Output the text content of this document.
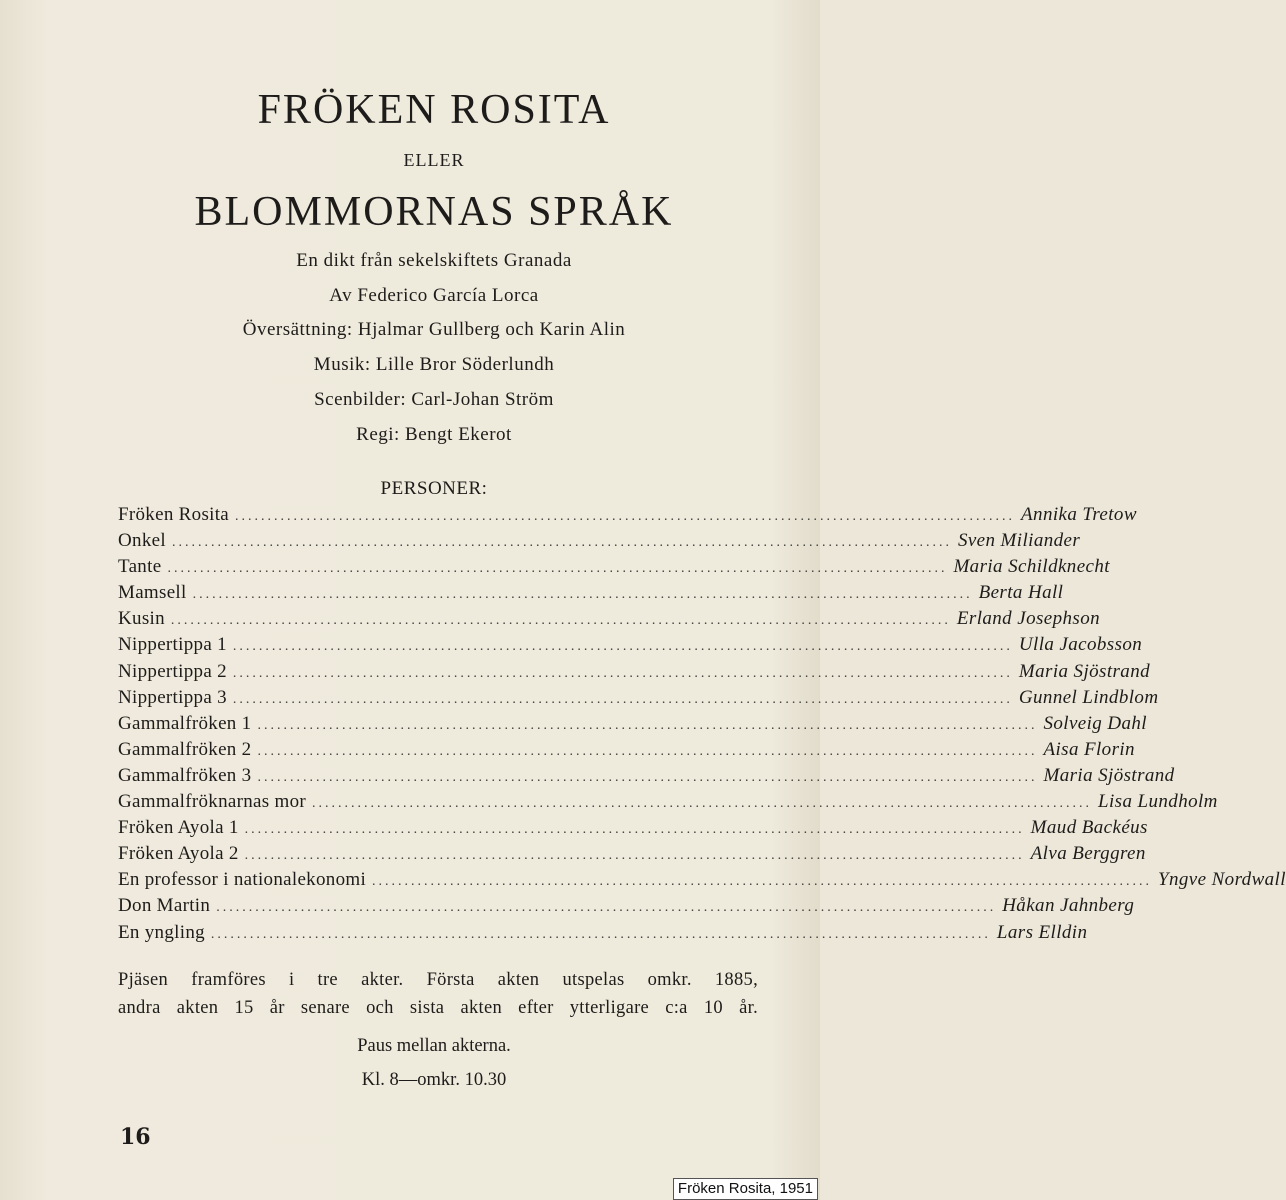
FRÖKEN ROSITA
ELLER
BLOMMORNAS SPRÅK
En dikt från sekelskiftets Granada
Av Federico García Lorca
Översättning: Hjalmar Gullberg och Karin Alin
Musik: Lille Bror Söderlundh
Scenbilder: Carl-Johan Ström
Regi: Bengt Ekerot
PERSONER:
Fröken Rosita ........................................................................................................................ Annika Tretow
Onkel ........................................................................................................................ Sven Miliander
Tante ........................................................................................................................ Maria Schildknecht
Mamsell ........................................................................................................................ Berta Hall
Kusin ........................................................................................................................ Erland Josephson
Nippertippa 1 ........................................................................................................................ Ulla Jacobsson
Nippertippa 2 ........................................................................................................................ Maria Sjöstrand
Nippertippa 3 ........................................................................................................................ Gunnel Lindblom
Gammalfröken 1 ........................................................................................................................ Solveig Dahl
Gammalfröken 2 ........................................................................................................................ Aisa Florin
Gammalfröken 3 ........................................................................................................................ Maria Sjöstrand
Gammalfröknarnas mor ........................................................................................................................ Lisa Lundholm
Fröken Ayola 1 ........................................................................................................................ Maud Backéus
Fröken Ayola 2 ........................................................................................................................ Alva Berggren
En professor i nationalekonomi ........................................................................................................................ Yngve Nordwall
Don Martin ........................................................................................................................ Håkan Jahnberg
En yngling ........................................................................................................................ Lars Elldin
Pjäsen framföres i tre akter. Första akten utspelas omkr. 1885,
andra akten 15 år senare och sista akten efter ytterligare c:a 10 år.
Paus mellan akterna.
Kl. 8—omkr. 10.30
16
Fröken Rosita, 1951
